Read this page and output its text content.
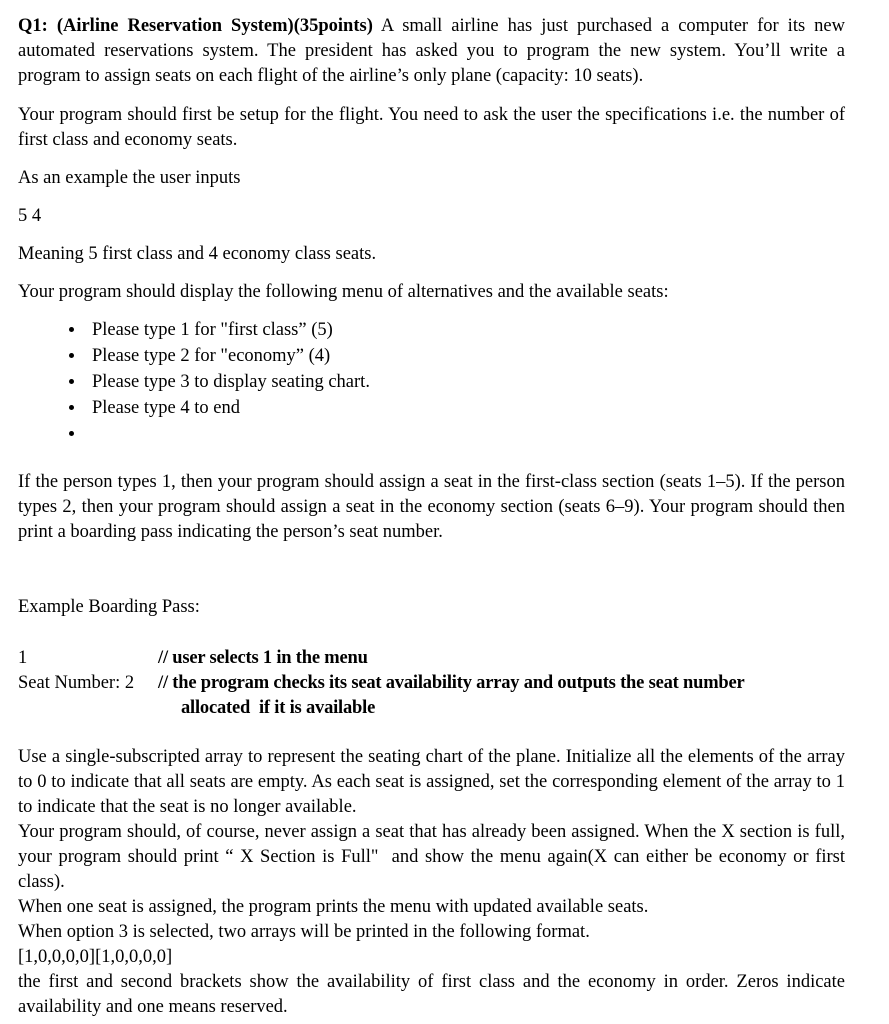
Q1: (Airline Reservation System)(35points) A small airline has just purchased a computer for its new automated reservations system. The president has asked you to program the new system. You’ll write a program to assign seats on each flight of the airline’s only plane (capacity: 10 seats).

Your program should first be setup for the flight. You need to ask the user the specifications i.e. the number of first class and economy seats.

As an example the user inputs

5 4

Meaning 5 first class and 4 economy class seats.

Your program should display the following menu of alternatives and the available seats:

• Please type 1 for "first class” (5)
• Please type 2 for "economy” (4)
• Please type 3 to display seating chart.
• Please type 4 to end
•

If the person types 1, then your program should assign a seat in the first-class section (seats 1–5). If the person types 2, then your program should assign a seat in the economy section (seats 6–9). Your program should then print a boarding pass indicating the person’s seat number.

Example Boarding Pass:

1	// user selects 1 in the menu

Seat Number: 2 // the program checks its seat availability array and outputs the seat number

allocated  if it is available

Use a single-subscripted array to represent the seating chart of the plane. Initialize all the elements of the array to 0 to indicate that all seats are empty. As each seat is assigned, set the corresponding element of the array to 1 to indicate that the seat is no longer available.

Your program should, of course, never assign a seat that has already been assigned. When the X section is full, your program should print “ X Section is Full"  and show the menu again(X can either be economy or first class).

When one seat is assigned, the program prints the menu with updated available seats.

When option 3 is selected, two arrays will be printed in the following format.

[1,0,0,0,0][1,0,0,0,0]

the first and second brackets show the availability of first class and the economy in order. Zeros indicate availability and one means reserved.
